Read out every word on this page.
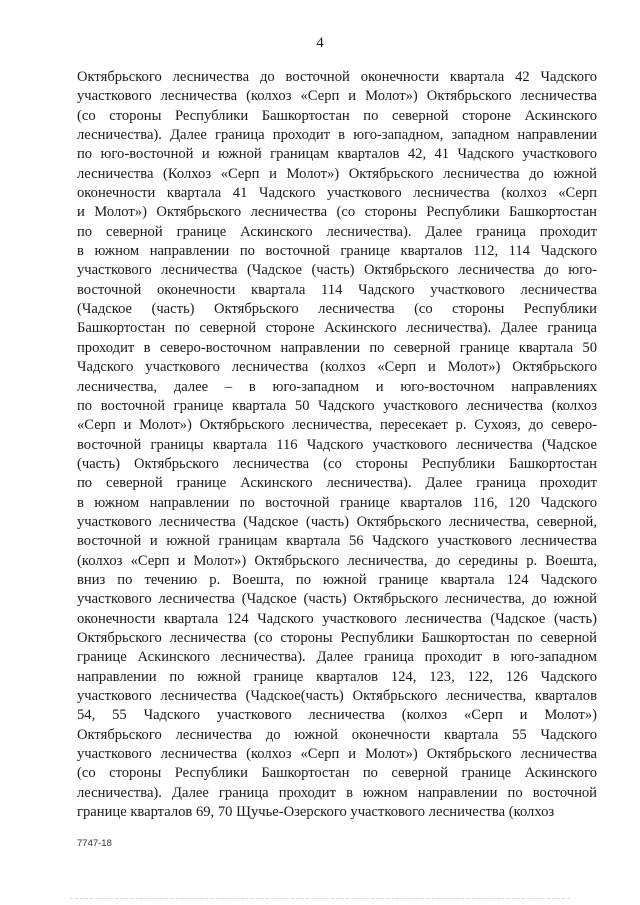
4
Октябрьского лесничества до восточной оконечности квартала 42 Чадского
участкового лесничества (колхоз «Серп и Молот») Октябрьского лесничества
(со стороны Республики Башкортостан по северной стороне Аскинского
лесничества). Далее граница проходит в юго-западном, западном направлении
по юго-восточной и южной границам кварталов 42, 41 Чадского участкового
лесничества (Колхоз «Серп и Молот») Октябрьского лесничества до южной
оконечности квартала 41 Чадского участкового лесничества (колхоз «Серп
и Молот») Октябрьского лесничества (со стороны Республики Башкортостан
по северной границе Аскинского лесничества). Далее граница проходит
в южном направлении по восточной границе кварталов 112, 114 Чадского
участкового лесничества (Чадское (часть) Октябрьского лесничества до юго-
восточной оконечности квартала 114 Чадского участкового лесничества
(Чадское (часть) Октябрьского лесничества (со стороны Республики
Башкортостан по северной стороне Аскинского лесничества). Далее граница
проходит в северо-восточном направлении по северной границе квартала 50
Чадского участкового лесничества (колхоз «Серп и Молот») Октябрьского
лесничества, далее – в юго-западном и юго-восточном направлениях
по восточной границе квартала 50 Чадского участкового лесничества (колхоз
«Серп и Молот») Октябрьского лесничества, пересекает р. Сухояз, до северо-
восточной границы квартала 116 Чадского участкового лесничества (Чадское
(часть) Октябрьского лесничества (со стороны Республики Башкортостан
по северной границе Аскинского лесничества). Далее граница проходит
в южном направлении по восточной границе кварталов 116, 120 Чадского
участкового лесничества (Чадское (часть) Октябрьского лесничества, северной,
восточной и южной границам квартала 56 Чадского участкового лесничества
(колхоз «Серп и Молот») Октябрьского лесничества, до середины р. Воешта,
вниз по течению р. Воешта, по южной границе квартала 124 Чадского
участкового лесничества (Чадское (часть) Октябрьского лесничества, до южной
оконечности квартала 124 Чадского участкового лесничества (Чадское (часть)
Октябрьского лесничества (со стороны Республики Башкортостан по северной
границе Аскинского лесничества). Далее граница проходит в юго-западном
направлении по южной границе кварталов 124, 123, 122, 126 Чадского
участкового лесничества (Чадское(часть) Октябрьского лесничества, кварталов
54, 55 Чадского участкового лесничества (колхоз «Серп и Молот»)
Октябрьского лесничества до южной оконечности квартала 55 Чадского
участкового лесничества (колхоз «Серп и Молот») Октябрьского лесничества
(со стороны Республики Башкортостан по северной границе Аскинского
лесничества). Далее граница проходит в южном направлении по восточной
границе кварталов 69, 70 Щучье-Озерского участкового лесничества (колхоз
7747-18
